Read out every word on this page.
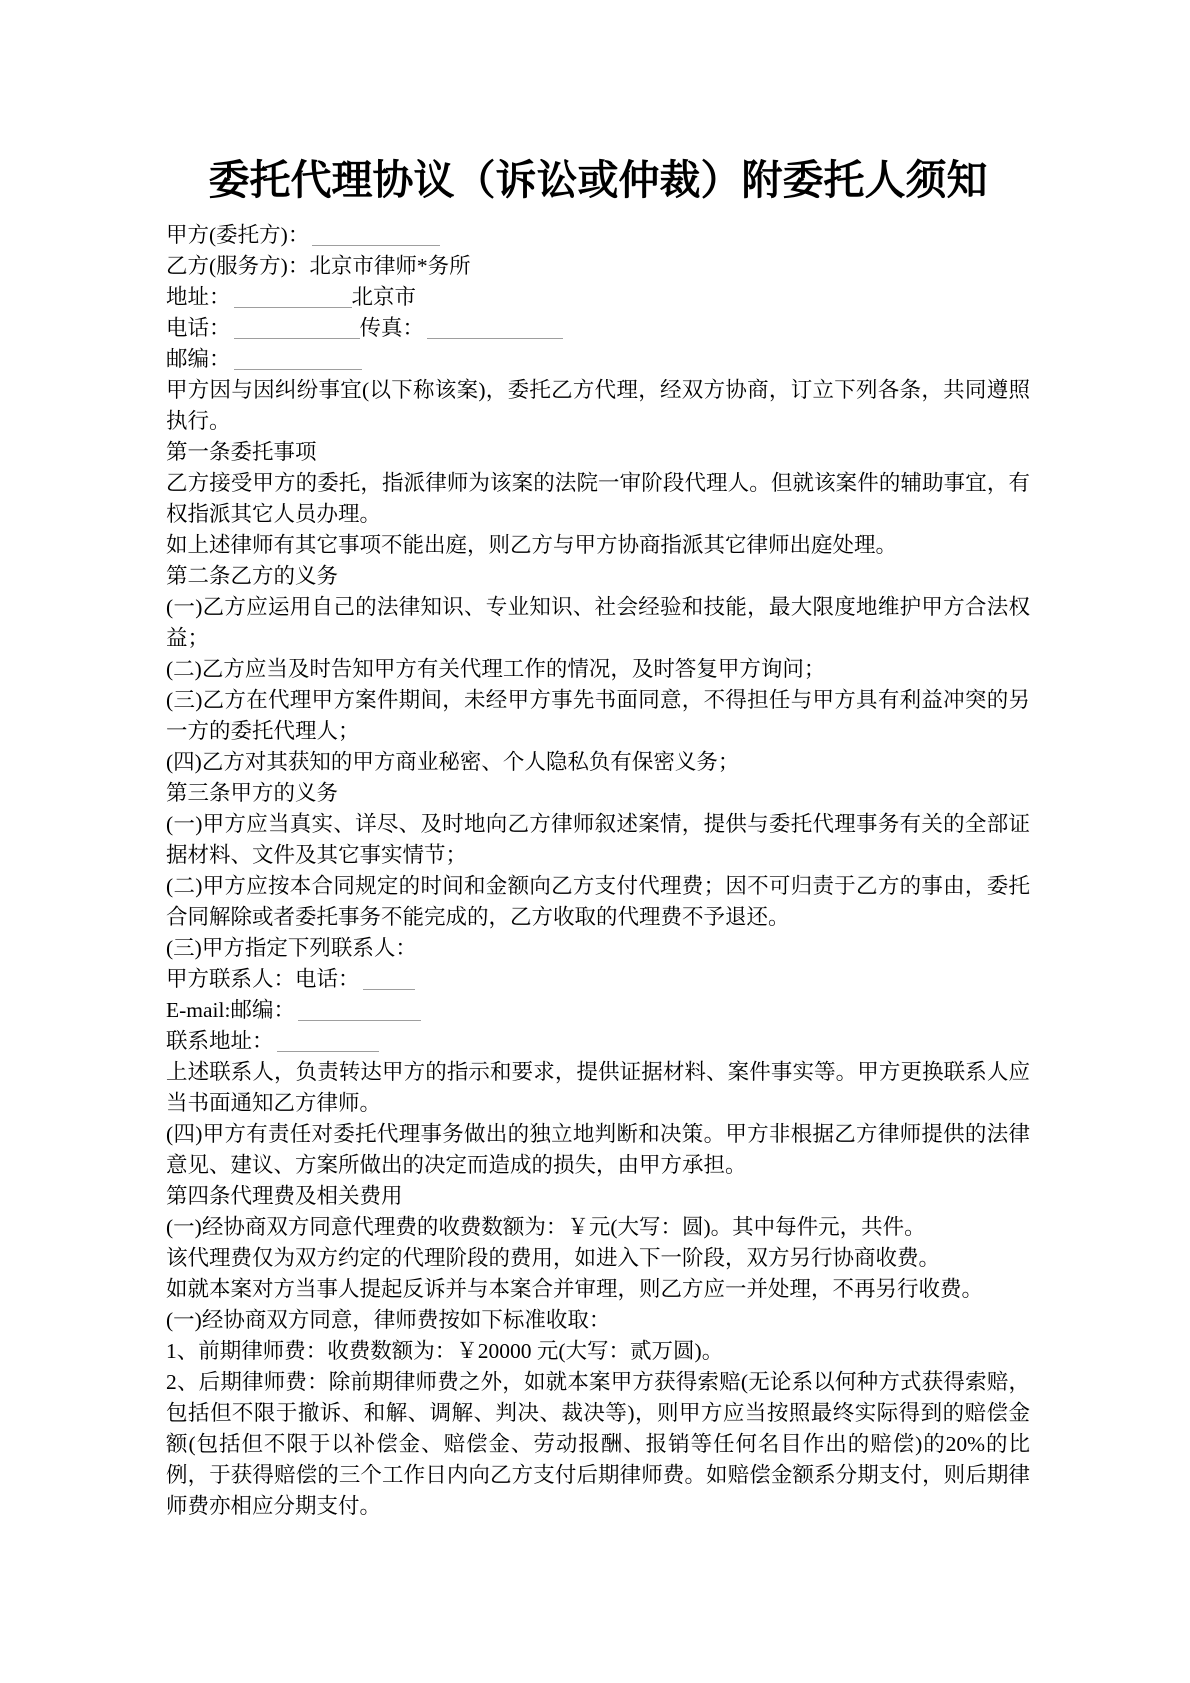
委托代理协议（诉讼或仲裁）附委托人须知

甲方(委托方)：

乙方(服务方)：北京市律师*务所

地址：	北京市

电话：	传真：

邮编：

甲方因与因纠纷事宜(以下称该案)，委托乙方代理，经双方协商，订立下列各条，共同遵照执行。

第一条委托事项

乙方接受甲方的委托，指派律师为该案的法院一审阶段代理人。但就该案件的辅助事宜，有权指派其它人员办理。

如上述律师有其它事项不能出庭，则乙方与甲方协商指派其它律师出庭处理。

第二条乙方的义务

(一)乙方应运用自己的法律知识、专业知识、社会经验和技能，最大限度地维护甲方合法权益；

(二)乙方应当及时告知甲方有关代理工作的情况，及时答复甲方询问；

(三)乙方在代理甲方案件期间，未经甲方事先书面同意，不得担任与甲方具有利益冲突的另一方的委托代理人；

(四)乙方对其获知的甲方商业秘密、个人隐私负有保密义务；

第三条甲方的义务

(一)甲方应当真实、详尽、及时地向乙方律师叙述案情，提供与委托代理事务有关的全部证据材料、文件及其它事实情节；

(二)甲方应按本合同规定的时间和金额向乙方支付代理费；因不可归责于乙方的事由，委托合同解除或者委托事务不能完成的，乙方收取的代理费不予退还。

(三)甲方指定下列联系人：

甲方联系人：电话：

E-mail:邮编：

联系地址：

上述联系人，负责转达甲方的指示和要求，提供证据材料、案件事实等。甲方更换联系人应当书面通知乙方律师。

(四)甲方有责任对委托代理事务做出的独立地判断和决策。甲方非根据乙方律师提供的法律意见、建议、方案所做出的决定而造成的损失，由甲方承担。

第四条代理费及相关费用

(一)经协商双方同意代理费的收费数额为：￥元(大写：圆)。其中每件元，共件。

该代理费仅为双方约定的代理阶段的费用，如进入下一阶段，双方另行协商收费。

如就本案对方当事人提起反诉并与本案合并审理，则乙方应一并处理，不再另行收费。

(一)经协商双方同意，律师费按如下标准收取：

1、前期律师费：收费数额为：￥20000 元(大写：贰万圆)。

2、后期律师费：除前期律师费之外，如就本案甲方获得索赔(无论系以何种方式获得索赔，包括但不限于撤诉、和解、调解、判决、裁决等)，则甲方应当按照最终实际得到的赔偿金额(包括但不限于以补偿金、赔偿金、劳动报酬、报销等任何名目作出的赔偿)的20%的比例，于获得赔偿的三个工作日内向乙方支付后期律师费。如赔偿金额系分期支付，则后期律师费亦相应分期支付。
